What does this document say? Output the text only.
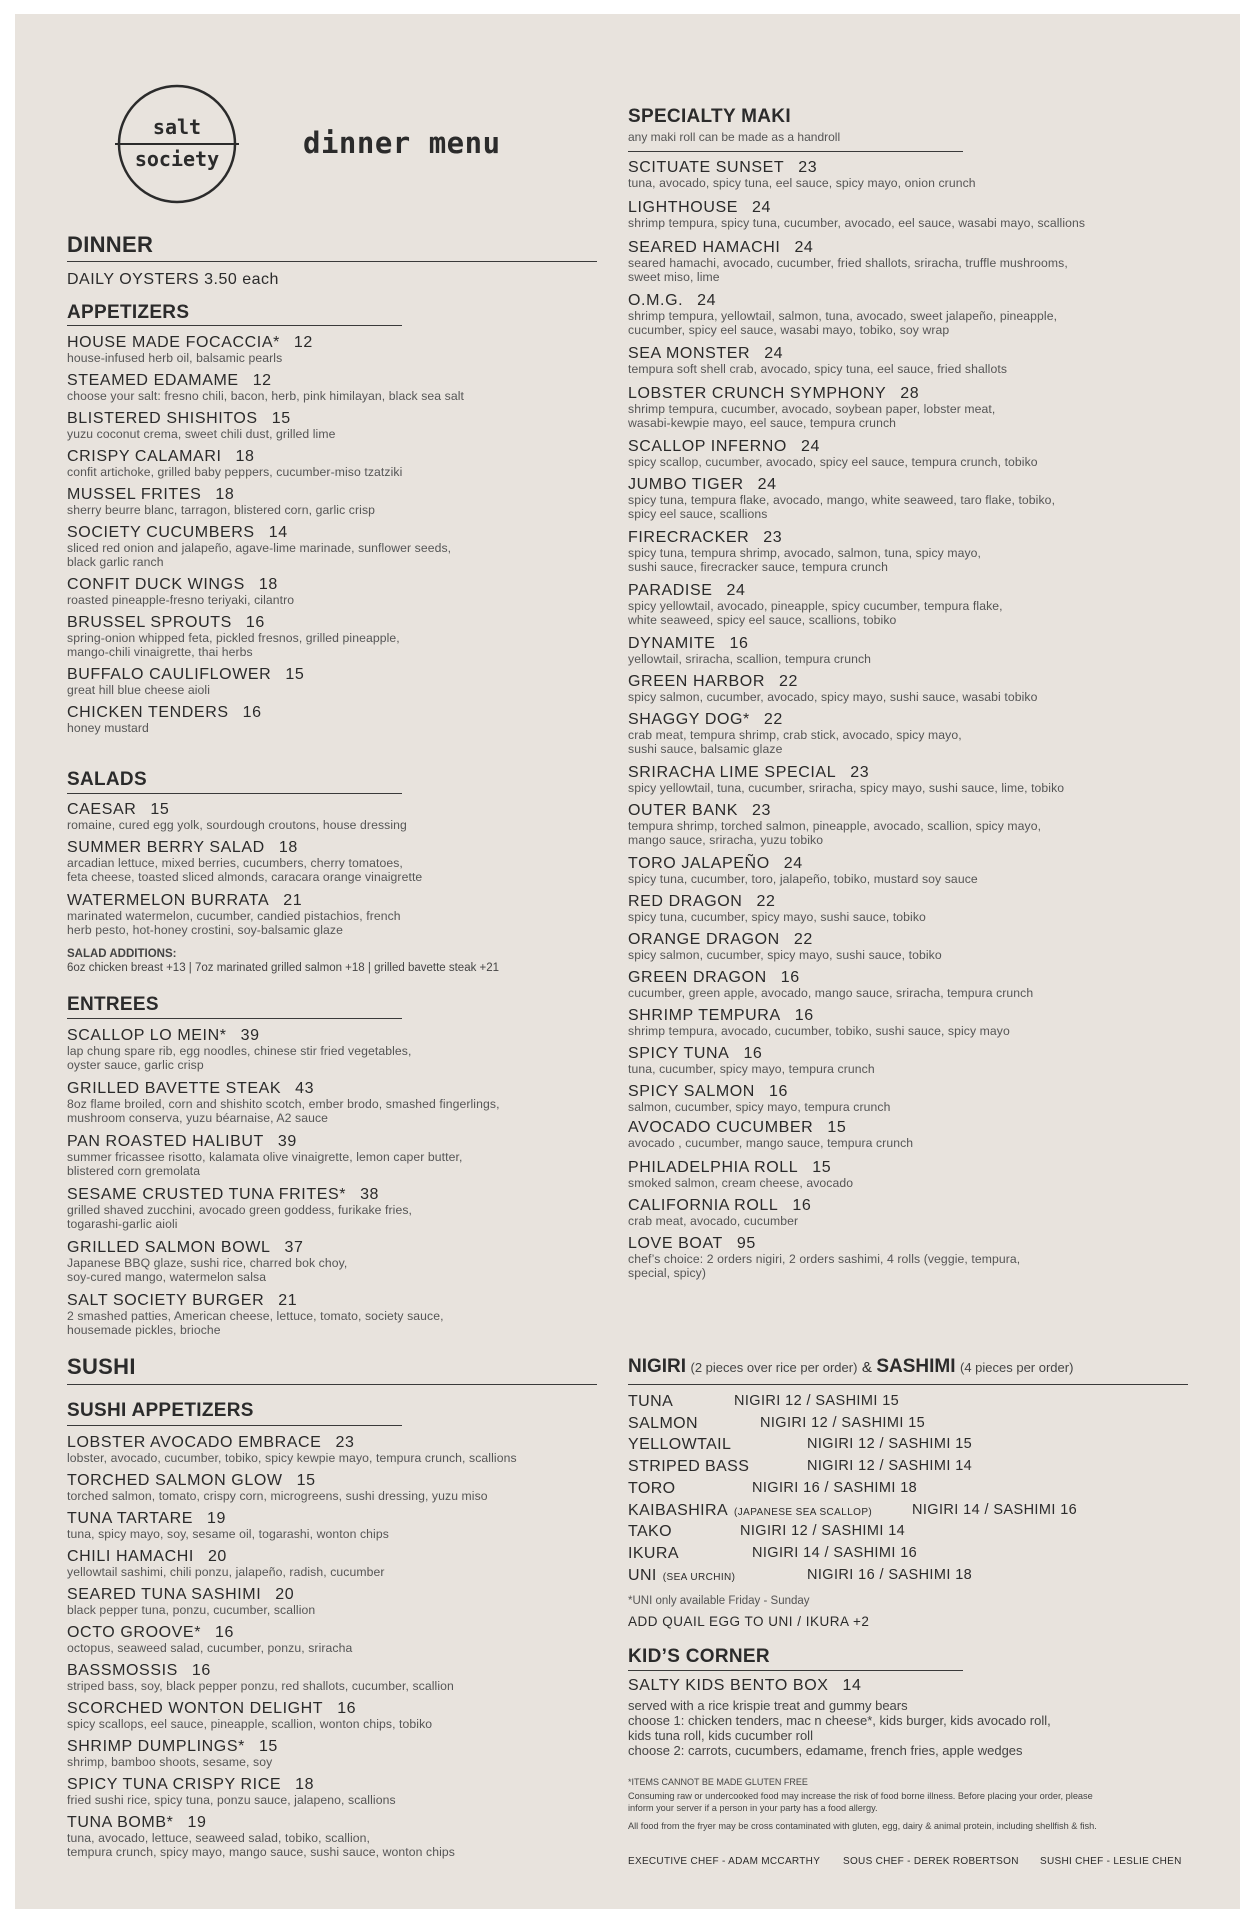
salt
society	dinner menu
DINNER
DAILY OYSTERS 3.50 each
APPETIZERS
HOUSE MADE FOCACCIA* 12
house-infused herb oil, balsamic pearls
STEAMED EDAMAME 12
choose your salt: fresno chili, bacon, herb, pink himilayan, black sea salt
BLISTERED SHISHITOS 15
yuzu coconut crema, sweet chili dust, grilled lime
CRISPY CALAMARI 18
confit artichoke, grilled baby peppers, cucumber-miso tzatziki
MUSSEL FRITES 18
sherry beurre blanc, tarragon, blistered corn, garlic crisp
SOCIETY CUCUMBERS 14
sliced red onion and jalapeño, agave-lime marinade, sunflower seeds,
black garlic ranch
CONFIT DUCK WINGS 18
roasted pineapple-fresno teriyaki, cilantro
BRUSSEL SPROUTS 16
spring-onion whipped feta, pickled fresnos, grilled pineapple,
mango-chili vinaigrette, thai herbs
BUFFALO CAULIFLOWER 15
great hill blue cheese aioli
CHICKEN TENDERS 16
honey mustard
SALADS
CAESAR 15
romaine, cured egg yolk, sourdough croutons, house dressing
SUMMER BERRY SALAD 18
arcadian lettuce, mixed berries, cucumbers, cherry tomatoes,
feta cheese, toasted sliced almonds, caracara orange vinaigrette
WATERMELON BURRATA 21
marinated watermelon, cucumber, candied pistachios, french
herb pesto, hot-honey crostini, soy-balsamic glaze
SALAD ADDITIONS:
6oz chicken breast +13 | 7oz marinated grilled salmon +18 | grilled bavette steak +21
ENTREES
SCALLOP LO MEIN* 39
lap chung spare rib, egg noodles, chinese stir fried vegetables,
oyster sauce, garlic crisp
GRILLED BAVETTE STEAK 43
8oz flame broiled, corn and shishito scotch, ember brodo, smashed fingerlings,
mushroom conserva, yuzu béarnaise, A2 sauce
PAN ROASTED HALIBUT 39
summer fricassee risotto, kalamata olive vinaigrette, lemon caper butter,
blistered corn gremolata
SESAME CRUSTED TUNA FRITES* 38
grilled shaved zucchini, avocado green goddess, furikake fries,
togarashi-garlic aioli
GRILLED SALMON BOWL 37
Japanese BBQ glaze, sushi rice, charred bok choy,
soy-cured mango, watermelon salsa
SALT SOCIETY BURGER 21
2 smashed patties, American cheese, lettuce, tomato, society sauce,
housemade pickles, brioche
SUSHI
SUSHI APPETIZERS
LOBSTER AVOCADO EMBRACE 23
lobster, avocado, cucumber, tobiko, spicy kewpie mayo, tempura crunch, scallions
TORCHED SALMON GLOW 15
torched salmon, tomato, crispy corn, microgreens, sushi dressing, yuzu miso
TUNA TARTARE 19
tuna, spicy mayo, soy, sesame oil, togarashi, wonton chips
CHILI HAMACHI 20
yellowtail sashimi, chili ponzu, jalapeño, radish, cucumber
SEARED TUNA SASHIMI 20
black pepper tuna, ponzu, cucumber, scallion
OCTO GROOVE* 16
octopus, seaweed salad, cucumber, ponzu, sriracha
BASSMOSSIS 16
striped bass, soy, black pepper ponzu, red shallots, cucumber, scallion
SCORCHED WONTON DELIGHT 16
spicy scallops, eel sauce, pineapple, scallion, wonton chips, tobiko
SHRIMP DUMPLINGS* 15
shrimp, bamboo shoots, sesame, soy
SPICY TUNA CRISPY RICE 18
fried sushi rice, spicy tuna, ponzu sauce, jalapeno, scallions
TUNA BOMB* 19
tuna, avocado, lettuce, seaweed salad, tobiko, scallion,
tempura crunch, spicy mayo, mango sauce, sushi sauce, wonton chips
SPECIALTY MAKI
any maki roll can be made as a handroll
SCITUATE SUNSET 23
tuna, avocado, spicy tuna, eel sauce, spicy mayo, onion crunch
LIGHTHOUSE 24
shrimp tempura, spicy tuna, cucumber, avocado, eel sauce, wasabi mayo, scallions
SEARED HAMACHI 24
seared hamachi, avocado, cucumber, fried shallots, sriracha, truffle mushrooms,
sweet miso, lime
O.M.G. 24
shrimp tempura, yellowtail, salmon, tuna, avocado, sweet jalapeño, pineapple,
cucumber, spicy eel sauce, wasabi mayo, tobiko, soy wrap
SEA MONSTER 24
tempura soft shell crab, avocado, spicy tuna, eel sauce, fried shallots
LOBSTER CRUNCH SYMPHONY 28
shrimp tempura, cucumber, avocado, soybean paper, lobster meat,
wasabi-kewpie mayo, eel sauce, tempura crunch
SCALLOP INFERNO 24
spicy scallop, cucumber, avocado, spicy eel sauce, tempura crunch, tobiko
JUMBO TIGER 24
spicy tuna, tempura flake, avocado, mango, white seaweed, taro flake, tobiko,
spicy eel sauce, scallions
FIRECRACKER 23
spicy tuna, tempura shrimp, avocado, salmon, tuna, spicy mayo,
sushi sauce, firecracker sauce, tempura crunch
PARADISE 24
spicy yellowtail, avocado, pineapple, spicy cucumber, tempura flake,
white seaweed, spicy eel sauce, scallions, tobiko
DYNAMITE 16
yellowtail, sriracha, scallion, tempura crunch
GREEN HARBOR 22
spicy salmon, cucumber, avocado, spicy mayo, sushi sauce, wasabi tobiko
SHAGGY DOG* 22
crab meat, tempura shrimp, crab stick, avocado, spicy mayo,
sushi sauce, balsamic glaze
SRIRACHA LIME SPECIAL 23
spicy yellowtail, tuna, cucumber, sriracha, spicy mayo, sushi sauce, lime, tobiko
OUTER BANK 23
tempura shrimp, torched salmon, pineapple, avocado, scallion, spicy mayo,
mango sauce, sriracha, yuzu tobiko
TORO JALAPEÑO 24
spicy tuna, cucumber, toro, jalapeño, tobiko, mustard soy sauce
RED DRAGON 22
spicy tuna, cucumber, spicy mayo, sushi sauce, tobiko
ORANGE DRAGON 22
spicy salmon, cucumber, spicy mayo, sushi sauce, tobiko
GREEN DRAGON 16
cucumber, green apple, avocado, mango sauce, sriracha, tempura crunch
SHRIMP TEMPURA 16
shrimp tempura, avocado, cucumber, tobiko, sushi sauce, spicy mayo
SPICY TUNA 16
tuna, cucumber, spicy mayo, tempura crunch
SPICY SALMON 16
salmon, cucumber, spicy mayo, tempura crunch
AVOCADO CUCUMBER 15
avocado , cucumber, mango sauce, tempura crunch
PHILADELPHIA ROLL 15
smoked salmon, cream cheese, avocado
CALIFORNIA ROLL 16
crab meat, avocado, cucumber
LOVE BOAT 95
chef’s choice: 2 orders nigiri, 2 orders sashimi, 4 rolls (veggie, tempura,
special, spicy)
NIGIRI (2 pieces over rice per order) & SASHIMI (4 pieces per order)
TUNA	NIGIRI 12 / SASHIMI 15
SALMON	NIGIRI 12 / SASHIMI 15
YELLOWTAIL	NIGIRI 12 / SASHIMI 15
STRIPED BASS	NIGIRI 12 / SASHIMI 14
TORO	NIGIRI 16 / SASHIMI 18
KAIBASHIRA (JAPANESE SEA SCALLOP)	NIGIRI 14 / SASHIMI 16
TAKO	NIGIRI 12 / SASHIMI 14
IKURA	NIGIRI 14 / SASHIMI 16
UNI (SEA URCHIN)	NIGIRI 16 / SASHIMI 18
*UNI only available Friday - Sunday
ADD QUAIL EGG TO UNI / IKURA +2
KID’S CORNER
SALTY KIDS BENTO BOX 14
served with a rice krispie treat and gummy bears
choose 1: chicken tenders, mac n cheese*, kids burger, kids avocado roll,
kids tuna roll, kids cucumber roll
choose 2: carrots, cucumbers, edamame, french fries, apple wedges
*ITEMS CANNOT BE MADE GLUTEN FREE
Consuming raw or undercooked food may increase the risk of food borne illness. Before placing your order, please
inform your server if a person in your party has a food allergy.
All food from the fryer may be cross contaminated with gluten, egg, dairy & animal protein, including shellfish & fish.
EXECUTIVE CHEF - ADAM MCCARTHY SOUS CHEF - DEREK ROBERTSON SUSHI CHEF - LESLIE CHEN
